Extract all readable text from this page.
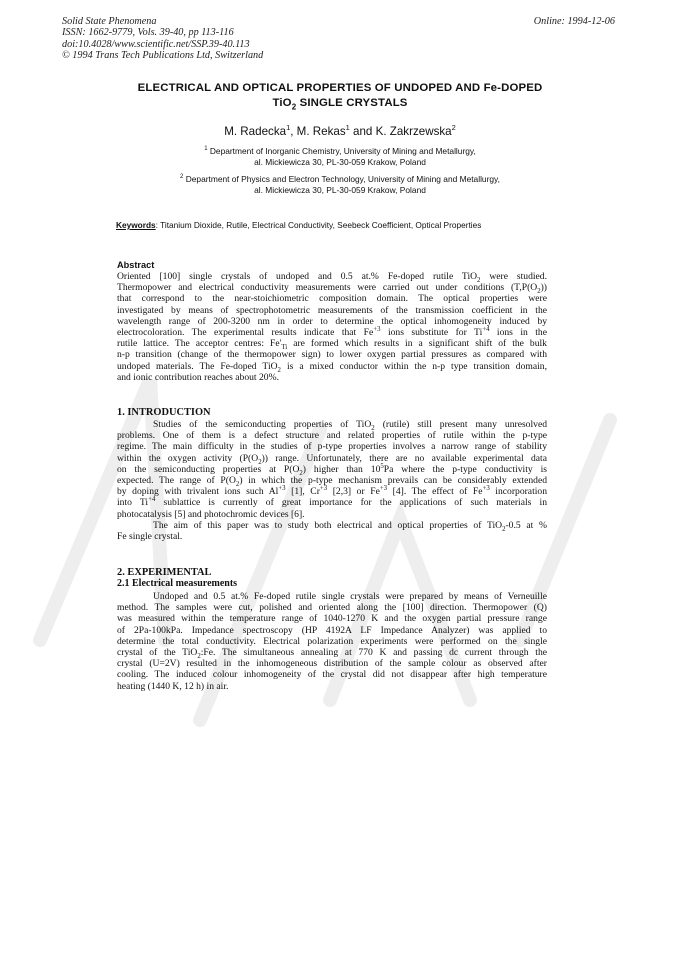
Solid State Phenomena
ISSN: 1662-9779, Vols. 39-40, pp 113-116
doi:10.4028/www.scientific.net/SSP.39-40.113
© 1994 Trans Tech Publications Ltd, Switzerland
Online: 1994-12-06
ELECTRICAL AND OPTICAL PROPERTIES OF UNDOPED AND Fe-DOPED
TiO$_2$ SINGLE CRYSTALS
M. Radecka$^1$, M. Rekas$^1$ and K. Zakrzewska$^2$
$^1$ Department of Inorganic Chemistry, University of Mining and Metallurgy,
al. Mickiewicza 30, PL-30-059 Krakow, Poland
$^2$ Department of Physics and Electron Technology, University of Mining and Metallurgy,
al. Mickiewicza 30, PL-30-059 Krakow, Poland
Keywords: Titanium Dioxide, Rutile, Electrical Conductivity, Seebeck Coefficient, Optical Properties
Abstract
Oriented [100] single crystals of undoped and 0.5 at.% Fe-doped rutile TiO$_2$ were studied.
Thermopower and electrical conductivity measurements were carried out under conditions $(T,P(O_2))$
that correspond to the near-stoichiometric composition domain. The optical properties were
investigated by means of spectrophotometric measurements of the transmission coefficient in the
wavelength range of 200-3200 nm in order to determine the optical inhomogeneity induced by
electrocoloration. The experimental results indicate that $Fe^{+3}$ ions substitute for $Ti^{+4}$ ions in the
rutile lattice. The acceptor centres: $Fe'_{Ti}$ are formed which results in a significant shift of the bulk
n-p transition (change of the thermopower sign) to lower oxygen partial pressures as compared with
undoped materials. The Fe-doped TiO$_2$ is a mixed conductor within the n-p type transition domain,
and ionic contribution reaches about 20%.
1. INTRODUCTION
Studies of the semiconducting properties of TiO$_2$ (rutile) still present many unresolved
problems. One of them is a defect structure and related properties of rutile within the p-type
regime. The main difficulty in the studies of p-type properties involves a narrow range of stability
within the oxygen activity $(P(O_2))$ range. Unfortunately, there are no available experimental data
on the semiconducting properties at $P(O_2)$ higher than $10^5Pa$ where the p-type conductivity is
expected. The range of $P(O_2)$ in which the p-type mechanism prevails can be considerably extended
by doping with trivalent ions such $Al^{+3}$ [1], $Cr^{+3}$ [2,3] or $Fe^{+3}$ [4]. The effect of $Fe^{+3}$ incorporation
into $Ti^{+4}$ sublattice is currently of great importance for the applications of such materials in
photocatalysis [5] and photochromic devices [6].
The aim of this paper was to study both electrical and optical properties of TiO$_2$-0.5 at %
Fe single crystal.
2. EXPERIMENTAL
2.1 Electrical measurements
Undoped and 0.5 at.% Fe-doped rutile single crystals were prepared by means of Verneuille
method. The samples were cut, polished and oriented along the [100] direction. Thermopower (Q)
was measured within the temperature range of 1040-1270 K and the oxygen partial pressure range
of 2Pa-100kPa. Impedance spectroscopy (HP 4192A LF Impedance Analyzer) was applied to
determine the total conductivity. Electrical polarization experiments were performed on the single
crystal of the TiO$_2$:Fe. The simultaneous annealing at 770 K and passing dc current through the
crystal (U=2V) resulted in the inhomogeneous distribution of the sample colour as observed after
cooling. The induced colour inhomogeneity of the crystal did not disappear after high temperature
heating (1440 K, 12 h) in air.
